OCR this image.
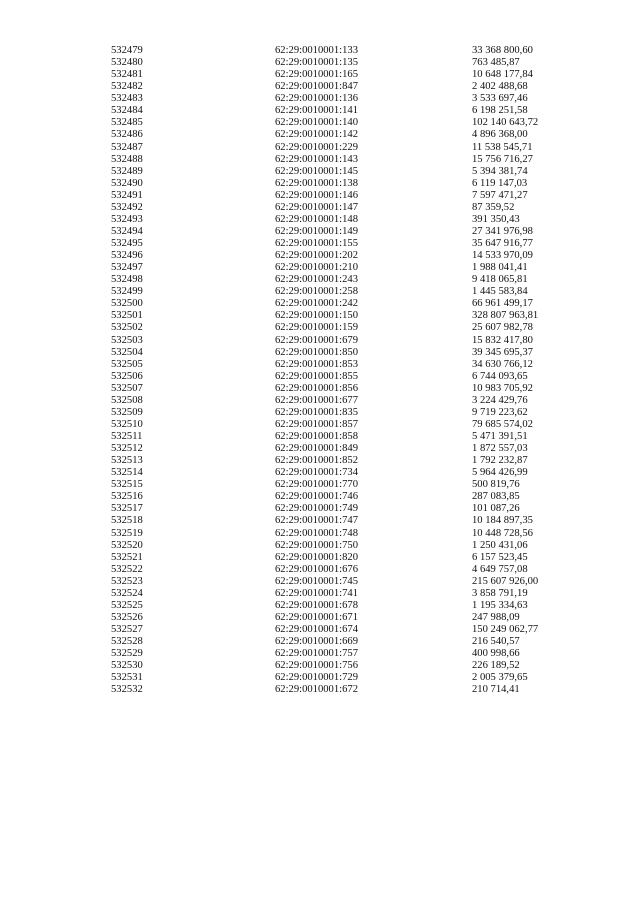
532479	62:29:0010001:133	33 368 800,60
532480	62:29:0010001:135	763 485,87
532481	62:29:0010001:165	10 648 177,84
532482	62:29:0010001:847	2 402 488,68
532483	62:29:0010001:136	3 533 697,46
532484	62:29:0010001:141	6 198 251,58
532485	62:29:0010001:140	102 140 643,72
532486	62:29:0010001:142	4 896 368,00
532487	62:29:0010001:229	11 538 545,71
532488	62:29:0010001:143	15 756 716,27
532489	62:29:0010001:145	5 394 381,74
532490	62:29:0010001:138	6 119 147,03
532491	62:29:0010001:146	7 597 471,27
532492	62:29:0010001:147	87 359,52
532493	62:29:0010001:148	391 350,43
532494	62:29:0010001:149	27 341 976,98
532495	62:29:0010001:155	35 647 916,77
532496	62:29:0010001:202	14 533 970,09
532497	62:29:0010001:210	1 988 041,41
532498	62:29:0010001:243	9 418 065,81
532499	62:29:0010001:258	1 445 583,84
532500	62:29:0010001:242	66 961 499,17
532501	62:29:0010001:150	328 807 963,81
532502	62:29:0010001:159	25 607 982,78
532503	62:29:0010001:679	15 832 417,80
532504	62:29:0010001:850	39 345 695,37
532505	62:29:0010001:853	34 630 766,12
532506	62:29:0010001:855	6 744 093,65
532507	62:29:0010001:856	10 983 705,92
532508	62:29:0010001:677	3 224 429,76
532509	62:29:0010001:835	9 719 223,62
532510	62:29:0010001:857	79 685 574,02
532511	62:29:0010001:858	5 471 391,51
532512	62:29:0010001:849	1 872 557,03
532513	62:29:0010001:852	1 792 232,87
532514	62:29:0010001:734	5 964 426,99
532515	62:29:0010001:770	500 819,76
532516	62:29:0010001:746	287 083,85
532517	62:29:0010001:749	101 087,26
532518	62:29:0010001:747	10 184 897,35
532519	62:29:0010001:748	10 448 728,56
532520	62:29:0010001:750	1 250 431,06
532521	62:29:0010001:820	6 157 523,45
532522	62:29:0010001:676	4 649 757,08
532523	62:29:0010001:745	215 607 926,00
532524	62:29:0010001:741	3 858 791,19
532525	62:29:0010001:678	1 195 334,63
532526	62:29:0010001:671	247 988,09
532527	62:29:0010001:674	150 249 062,77
532528	62:29:0010001:669	216 540,57
532529	62:29:0010001:757	400 998,66
532530	62:29:0010001:756	226 189,52
532531	62:29:0010001:729	2 005 379,65
532532	62:29:0010001:672	210 714,41
